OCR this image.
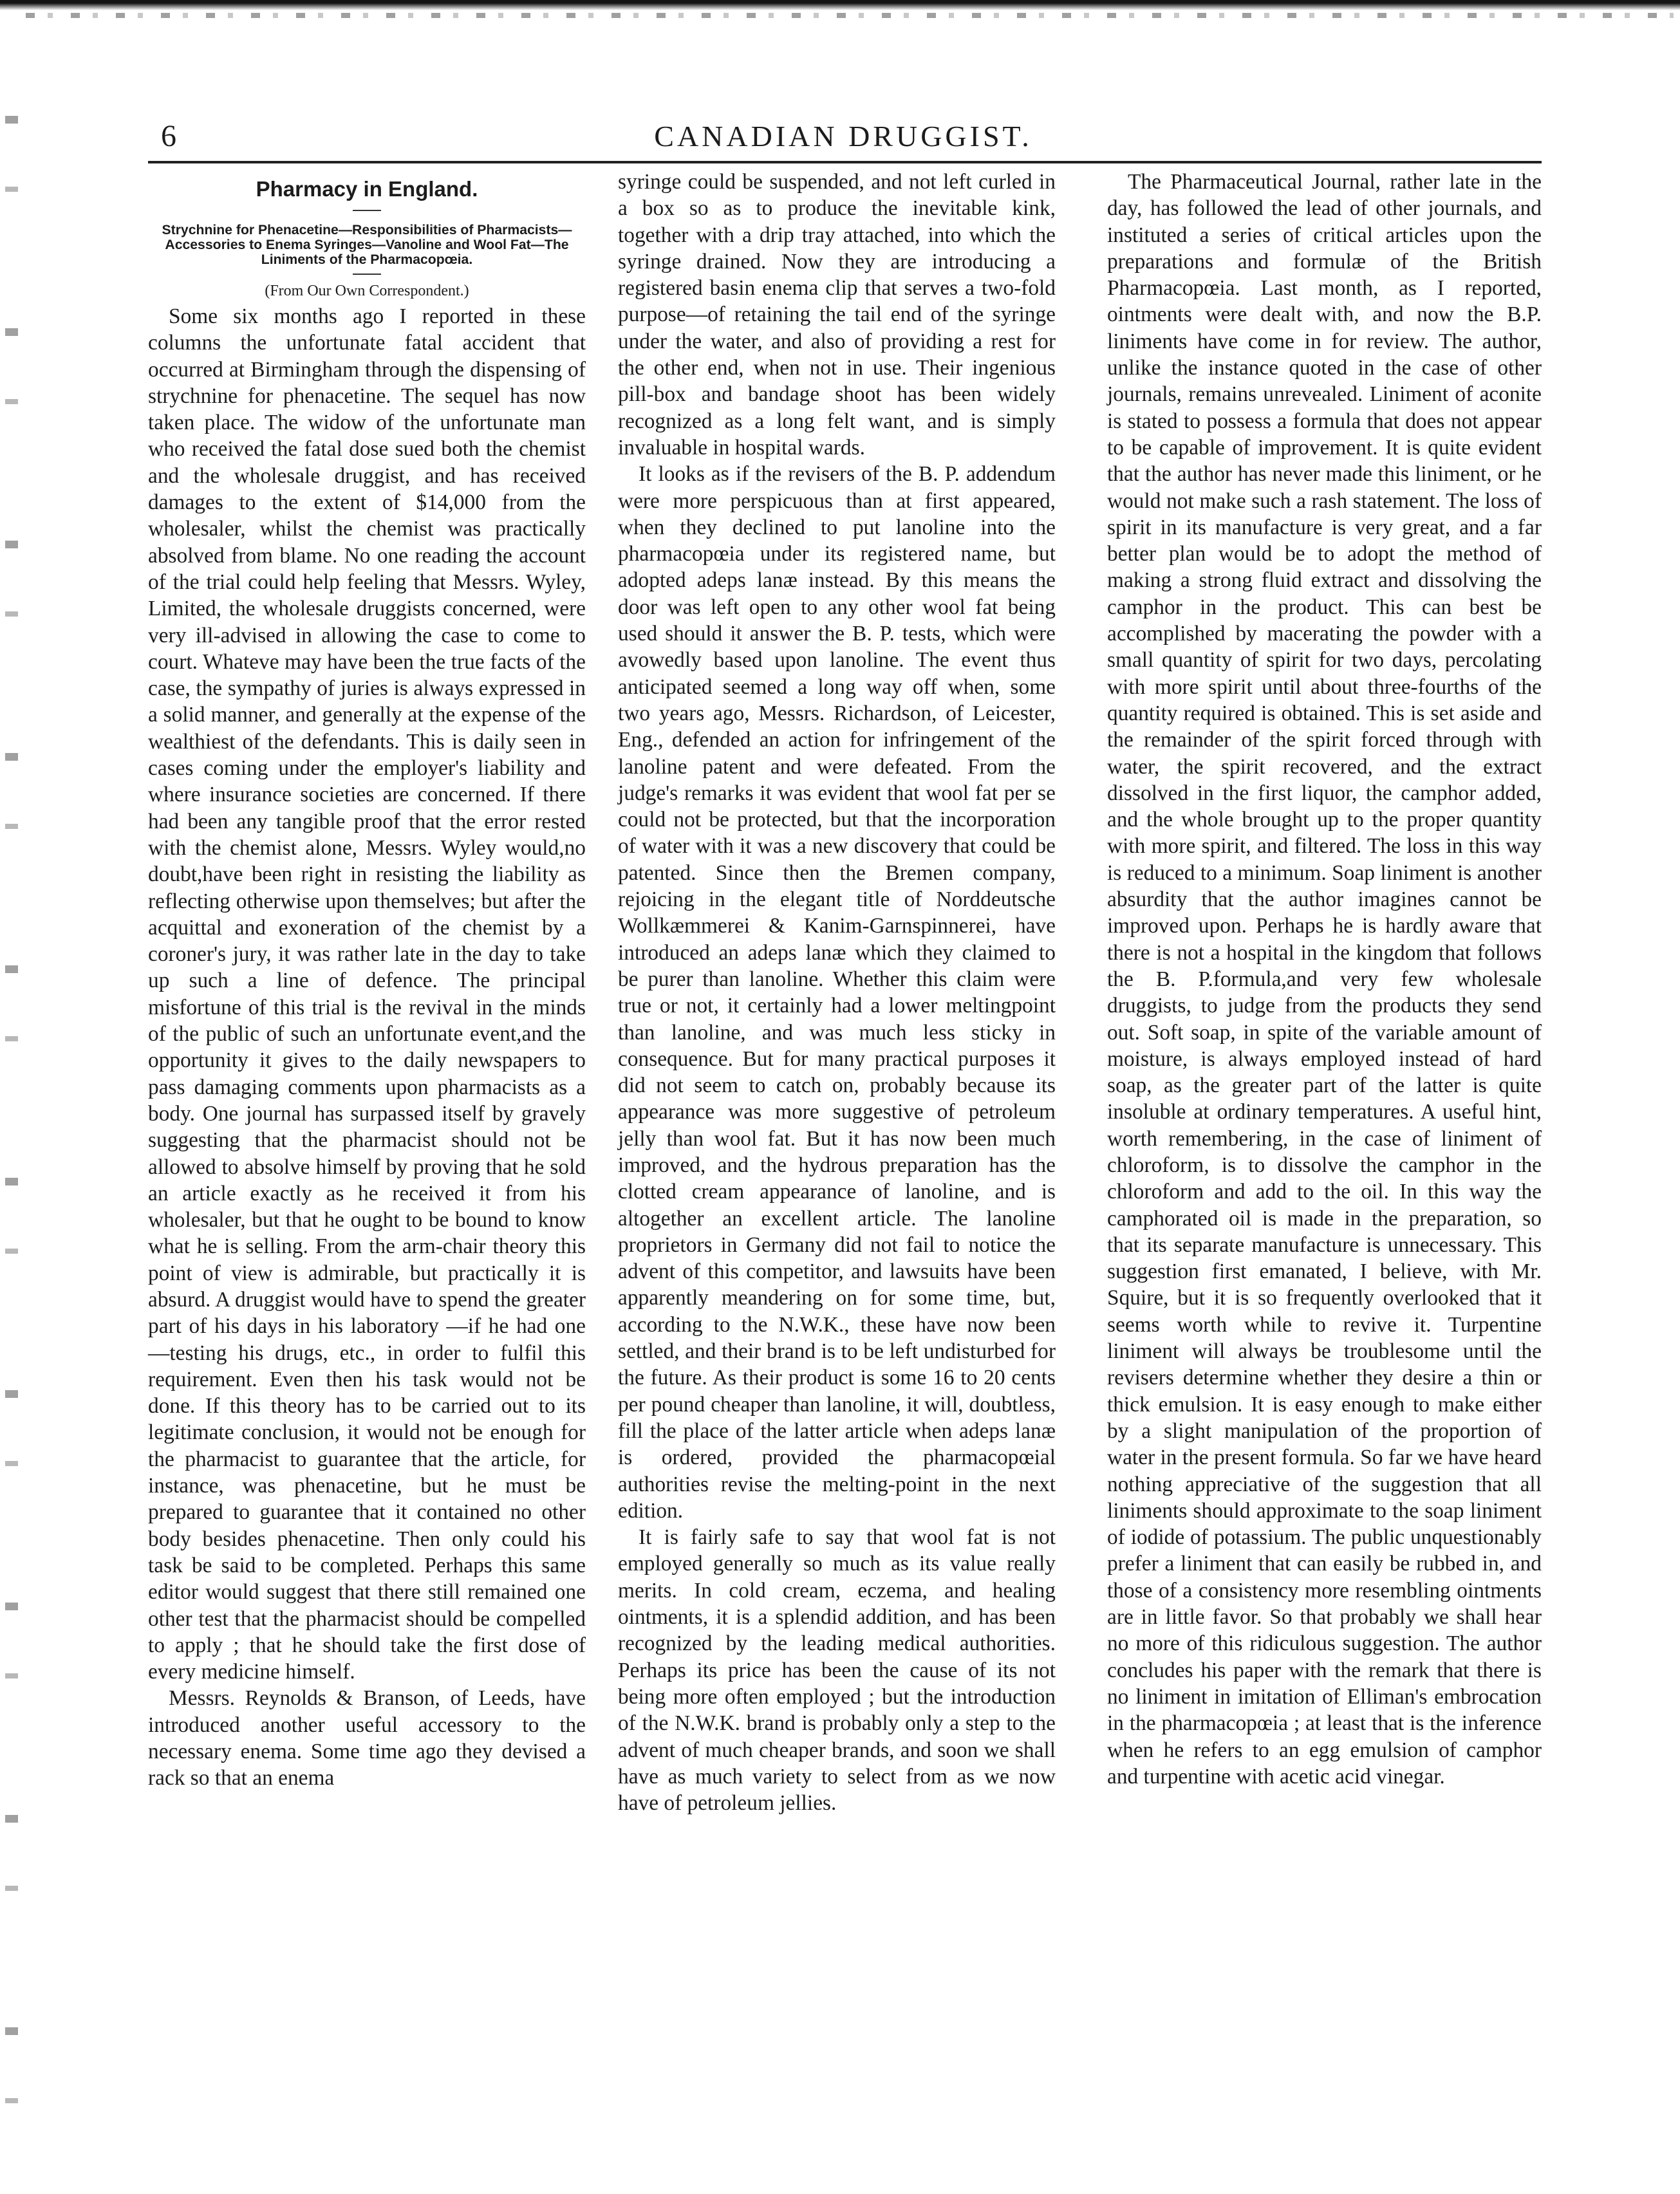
6	CANADIAN DRUGGIST.
Pharmacy in England.
Strychnine for Phenacetine—Responsibilities of Pharmacists—Accessories to Enema Syringes—Vanoline and Wool Fat—The Liniments of the Pharmacopœia.
(From Our Own Correspondent.)

Some six months ago I reported in these columns the unfortunate fatal accident that occurred at Birmingham through the dispensing of strychnine for phenacetine. The sequel has now taken place. The widow of the unfortunate man who received the fatal dose sued both the chemist and the wholesale druggist, and has received damages to the extent of $14,000 from the wholesaler, whilst the chemist was practically absolved from blame. No one reading the account of the trial could help feeling that Messrs. Wyley, Limited, the wholesale druggists concerned, were very ill-advised in allowing the case to come to court. Whateve may have been the true facts of the case, the sympathy of juries is always expressed in a solid manner, and generally at the expense of the wealthiest of the defendants. This is daily seen in cases coming under the employer's liability and where insurance societies are concerned. If there had been any tangible proof that the error rested with the chemist alone, Messrs. Wyley would,no doubt,have been right in resisting the liability as reflecting otherwise upon themselves; but after the acquittal and exoneration of the chemist by a coroner's jury, it was rather late in the day to take up such a line of defence. The principal misfortune of this trial is the revival in the minds of the public of such an unfortunate event,and the opportunity it gives to the daily newspapers to pass damaging comments upon pharmacists as a body. One journal has surpassed itself by gravely suggesting that the pharmacist should not be allowed to absolve himself by proving that he sold an article exactly as he received it from his wholesaler, but that he ought to be bound to know what he is selling. From the arm-chair theory this point of view is admirable, but practically it is absurd. A druggist would have to spend the greater part of his days in his laboratory —if he had one—testing his drugs, etc., in order to fulfil this requirement. Even then his task would not be done. If this theory has to be carried out to its legitimate conclusion, it would not be enough for the pharmacist to guarantee that the article, for instance, was phenacetine, but he must be prepared to guarantee that it contained no other body besides phenacetine. Then only could his task be said to be completed. Perhaps this same editor would suggest that there still remained one other test that the pharmacist should be compelled to apply ; that he should take the first dose of every medicine himself.

Messrs. Reynolds & Branson, of Leeds, have introduced another useful accessory to the necessary enema. Some time ago they devised a rack so that an enema

syringe could be suspended, and not left curled in a box so as to produce the inevitable kink, together with a drip tray attached, into which the syringe drained. Now they are introducing a registered basin enema clip that serves a two-fold purpose—of retaining the tail end of the syringe under the water, and also of providing a rest for the other end, when not in use. Their ingenious pill-box and bandage shoot has been widely recognized as a long felt want, and is simply invaluable in hospital wards.

It looks as if the revisers of the B. P. addendum were more perspicuous than at first appeared, when they declined to put lanoline into the pharmacopœia under its registered name, but adopted adeps lanæ instead. By this means the door was left open to any other wool fat being used should it answer the B. P. tests, which were avowedly based upon lanoline. The event thus anticipated seemed a long way off when, some two years ago, Messrs. Richardson, of Leicester, Eng., defended an action for infringement of the lanoline patent and were defeated. From the judge's remarks it was evident that wool fat per se could not be protected, but that the incorporation of water with it was a new discovery that could be patented. Since then the Bremen company, rejoicing in the elegant title of Norddeutsche Wollkæmmerei & Kanim-Garnspinnerei, have introduced an adeps lanæ which they claimed to be purer than lanoline. Whether this claim were true or not, it certainly had a lower meltingpoint than lanoline, and was much less sticky in consequence. But for many practical purposes it did not seem to catch on, probably because its appearance was more suggestive of petroleum jelly than wool fat. But it has now been much improved, and the hydrous preparation has the clotted cream appearance of lanoline, and is altogether an excellent article. The lanoline proprietors in Germany did not fail to notice the advent of this competitor, and lawsuits have been apparently meandering on for some time, but, according to the N.W.K., these have now been settled, and their brand is to be left undisturbed for the future. As their product is some 16 to 20 cents per pound cheaper than lanoline, it will, doubtless, fill the place of the latter article when adeps lanæ is ordered, provided the pharmacopœial authorities revise the melting-point in the next edition.

It is fairly safe to say that wool fat is not employed generally so much as its value really merits. In cold cream, eczema, and healing ointments, it is a splendid addition, and has been recognized by the leading medical authorities. Perhaps its price has been the cause of its not being more often employed ; but the introduction of the N.W.K. brand is probably only a step to the advent of much cheaper brands, and soon we shall have as much variety to select from as we now have of petroleum jellies.

The Pharmaceutical Journal, rather late in the day, has followed the lead of other journals, and instituted a series of critical articles upon the preparations and formulæ of the British Pharmacopœia. Last month, as I reported, ointments were dealt with, and now the B.P. liniments have come in for review. The author, unlike the instance quoted in the case of other journals, remains unrevealed. Liniment of aconite is stated to possess a formula that does not appear to be capable of improvement. It is quite evident that the author has never made this liniment, or he would not make such a rash statement. The loss of spirit in its manufacture is very great, and a far better plan would be to adopt the method of making a strong fluid extract and dissolving the camphor in the product. This can best be accomplished by macerating the powder with a small quantity of spirit for two days, percolating with more spirit until about three-fourths of the quantity required is obtained. This is set aside and the remainder of the spirit forced through with water, the spirit recovered, and the extract dissolved in the first liquor, the camphor added, and the whole brought up to the proper quantity with more spirit, and filtered. The loss in this way is reduced to a minimum. Soap liniment is another absurdity that the author imagines cannot be improved upon. Perhaps he is hardly aware that there is not a hospital in the kingdom that follows the B. P.formula,and very few wholesale druggists, to judge from the products they send out. Soft soap, in spite of the variable amount of moisture, is always employed instead of hard soap, as the greater part of the latter is quite insoluble at ordinary temperatures. A useful hint, worth remembering, in the case of liniment of chloroform, is to dissolve the camphor in the chloroform and add to the oil. In this way the camphorated oil is made in the preparation, so that its separate manufacture is unnecessary. This suggestion first emanated, I believe, with Mr. Squire, but it is so frequently overlooked that it seems worth while to revive it. Turpentine liniment will always be troublesome until the revisers determine whether they desire a thin or thick emulsion. It is easy enough to make either by a slight manipulation of the proportion of water in the present formula. So far we have heard nothing appreciative of the suggestion that all liniments should approximate to the soap liniment of iodide of potassium. The public unquestionably prefer a liniment that can easily be rubbed in, and those of a consistency more resembling ointments are in little favor. So that probably we shall hear no more of this ridiculous suggestion. The author concludes his paper with the remark that there is no liniment in imitation of Elliman's embrocation in the pharmacopœia ; at least that is the inference when he refers to an egg emulsion of camphor and turpentine with acetic acid vinegar.
